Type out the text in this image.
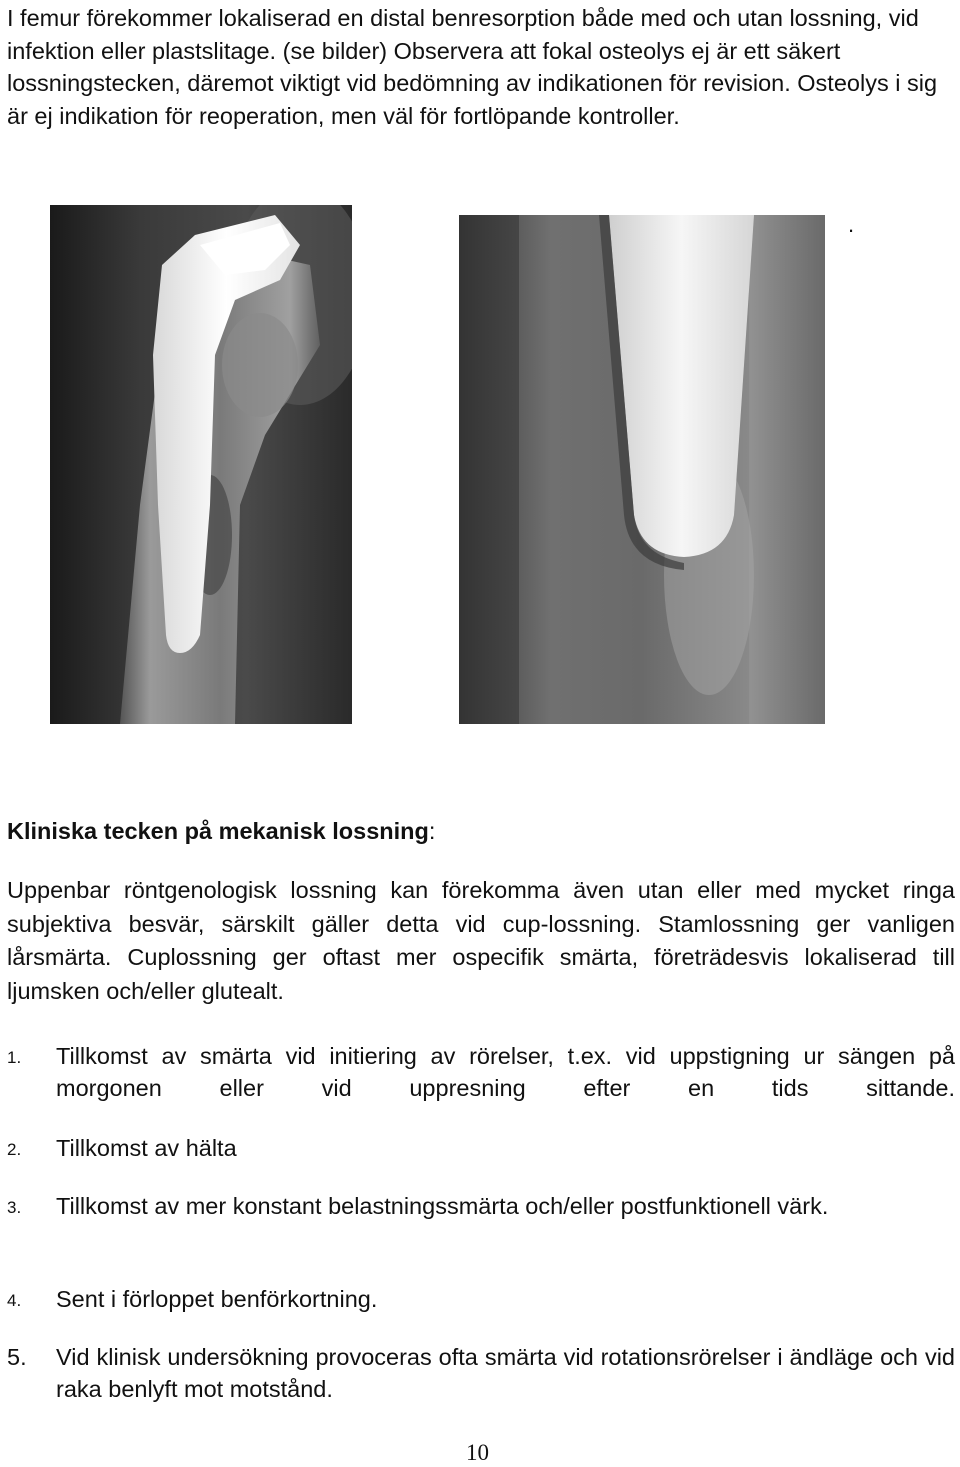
I femur förekommer lokaliserad en distal benresorption både med och utan lossning, vid infektion eller plastslitage. (se bilder) Observera att fokal osteolys ej är ett säkert lossningstecken, däremot viktigt vid bedömning av indikationen för revision. Osteolys i sig är ej indikation för reoperation, men väl för fortlöpande kontroller.

.

Kliniska tecken på mekanisk lossning:

Uppenbar röntgenologisk lossning kan förekomma även utan eller med mycket ringa subjektiva besvär, särskilt gäller detta vid cup-lossning. Stamlossning ger vanligen lårsmärta. Cuplossning ger oftast mer ospecifik smärta, företrädesvis lokaliserad till ljumsken och/eller glutealt.

1. Tillkomst av smärta vid initiering av rörelser, t.ex. vid uppstigning ur sängen på morgonen eller vid uppresning efter en tids sittande.
2. Tillkomst av hälta
3. Tillkomst av mer konstant belastningssmärta och/eller postfunktionell värk.
4. Sent i förloppet benförkortning.
5. Vid klinisk undersökning provoceras ofta smärta vid rotationsrörelser i ändläge och vid raka benlyft mot motstånd.
10
